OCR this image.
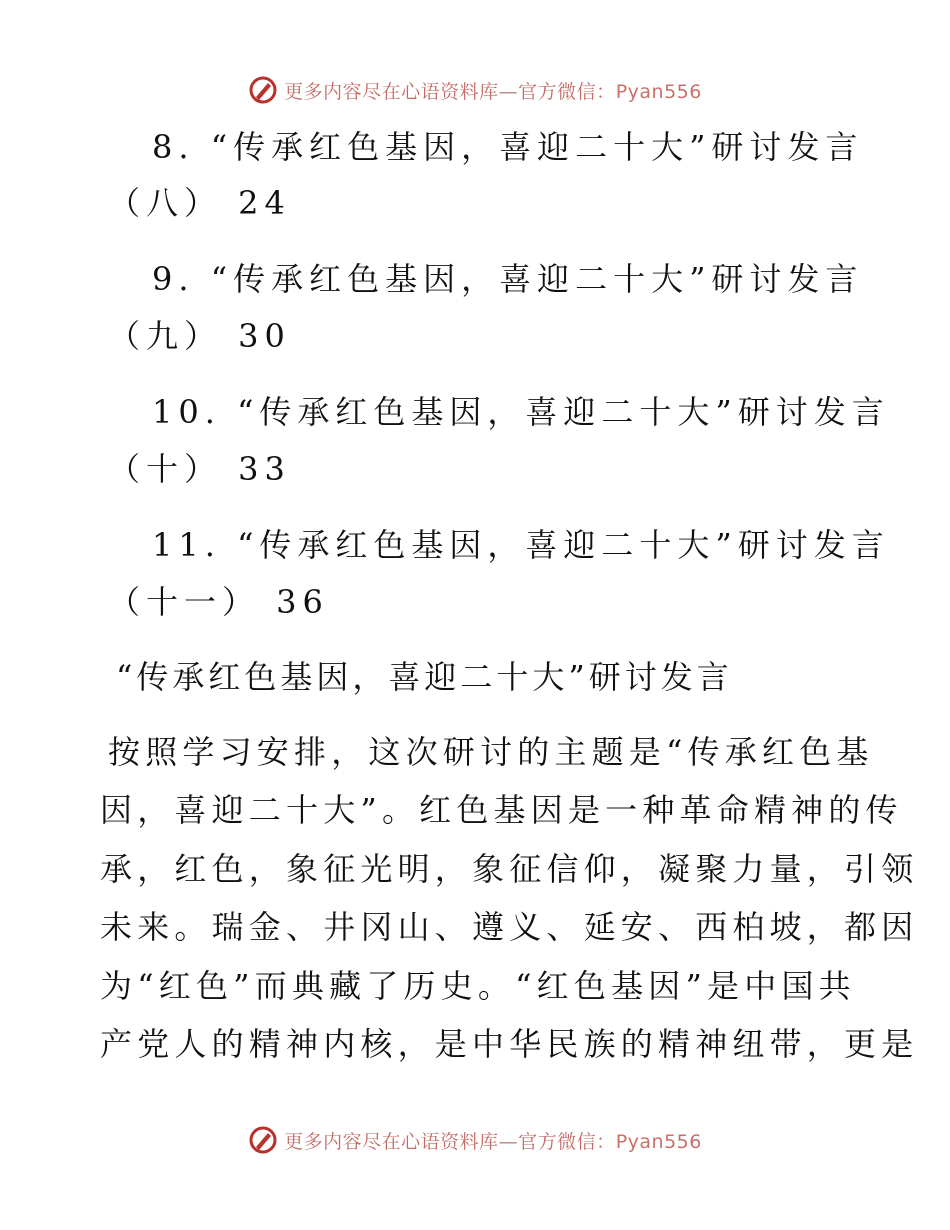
更多内容尽在心语资料库—官方微信：Pyan556
8. “传承红色基因，喜迎二十大”研讨发言
（八） 24
9. “传承红色基因，喜迎二十大”研讨发言
（九） 30
10. “传承红色基因，喜迎二十大”研讨发言
（十） 33
11. “传承红色基因，喜迎二十大”研讨发言
（十一） 36
“传承红色基因，喜迎二十大”研讨发言
按照学习安排，这次研讨的主题是“传承红色基
因，喜迎二十大”。红色基因是一种革命精神的传
承，红色，象征光明，象征信仰，凝聚力量，引领
未来。瑞金、井冈山、遵义、延安、西柏坡，都因
为“红色”而典藏了历史。“红色基因”是中国共
产党人的精神内核，是中华民族的精神纽带，更是
更多内容尽在心语资料库—官方微信：Pyan556
